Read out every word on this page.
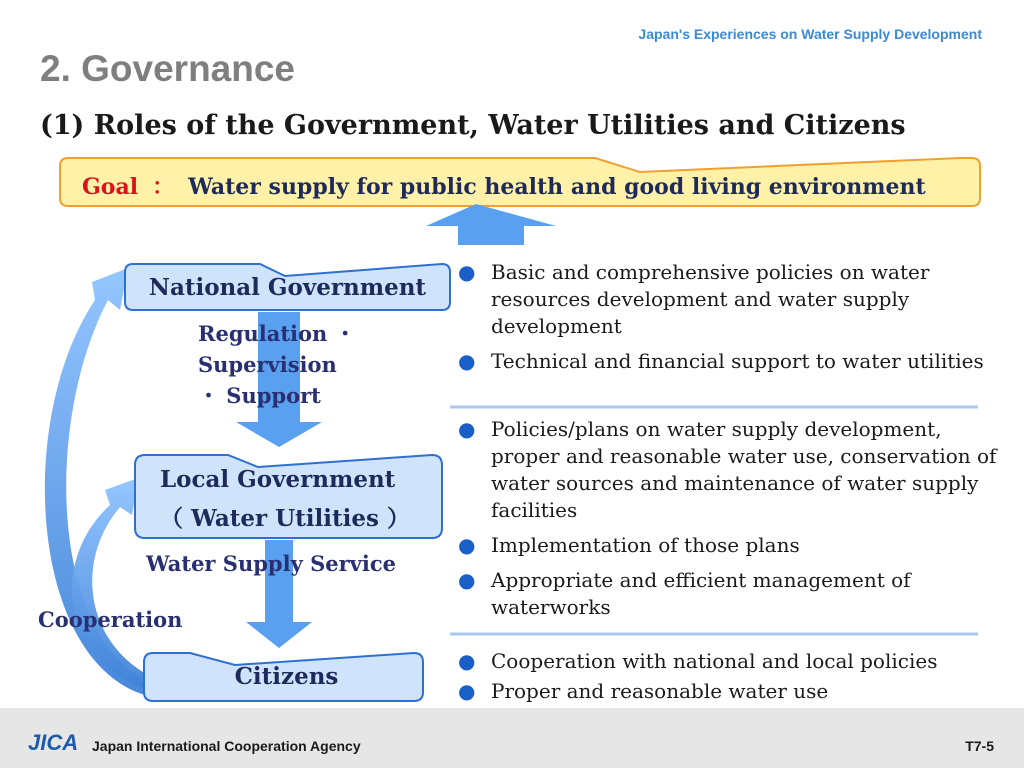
Japan's Experiences on Water Supply Development
2. Governance
(1) Roles of the Government, Water Utilities and Citizens
Goal ： Water supply for public health and good living environment
National Government
Local Government
（ Water Utilities ）
Citizens
Regulation ・
Supervision
・ Support
Water Supply Service
Cooperation
● Basic and comprehensive policies on water resources development and water supply development
● Technical and financial support to water utilities
● Policies/plans on water supply development, proper and reasonable water use, conservation of water sources and maintenance of water supply facilities
● Implementation of those plans
● Appropriate and efficient management of waterworks
● Cooperation with national and local policies
● Proper and reasonable water use
JICA Japan International Cooperation Agency	T7-5
